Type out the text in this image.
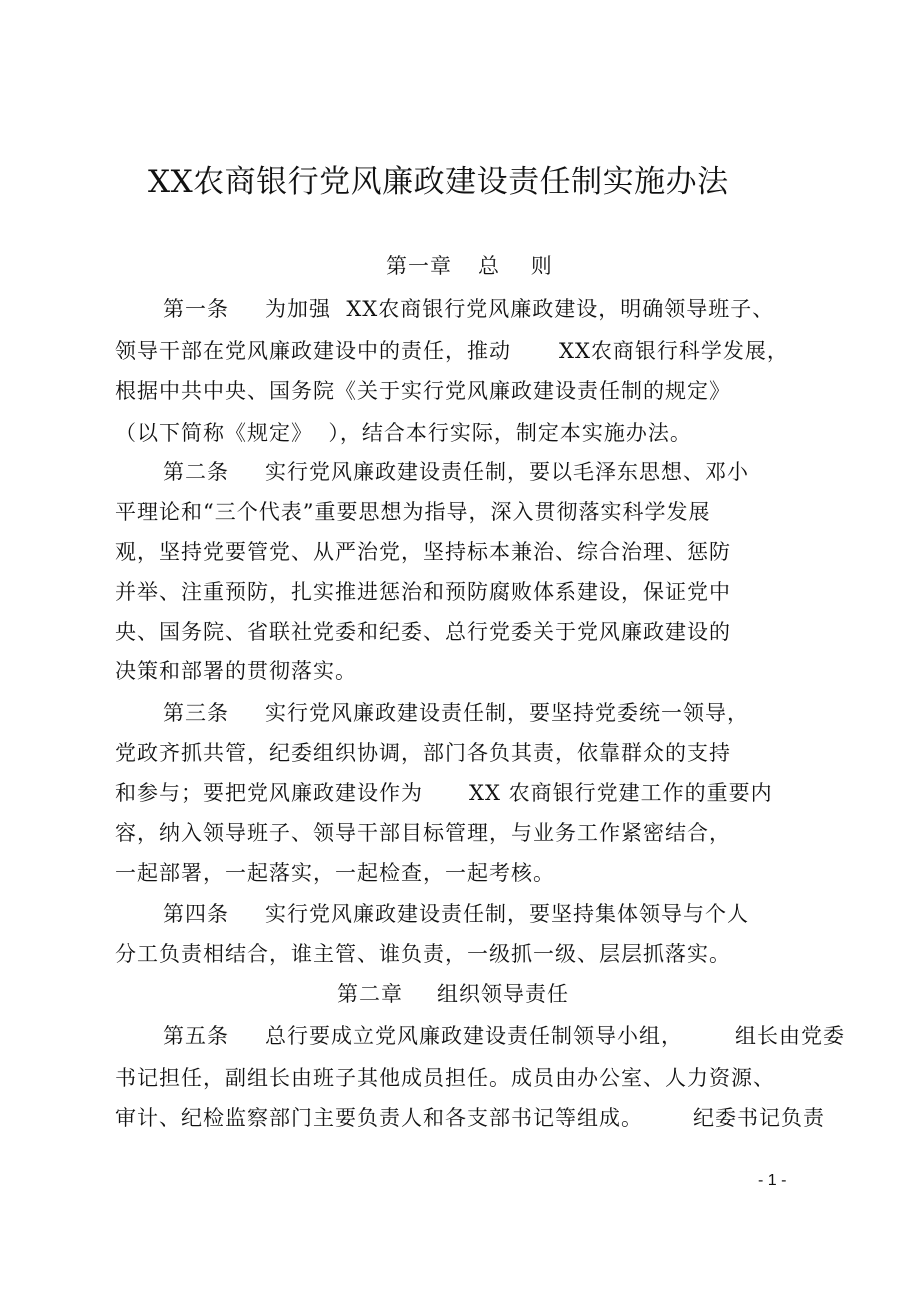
XX农商银行党风廉政建设责任制实施办法
第一章 总    则
第一条 为加强  XX农商银行党风廉政建设，明确领导班子、
领导干部在党风廉政建设中的责任，推动 XX农商银行科学发展，
根据中共中央、国务院《关于实行党风廉政建设责任制的规定》
（以下简称《规定》  ），结合本行实际，制定本实施办法。
第二条 实行党风廉政建设责任制，要以毛泽东思想、邓小
平理论和“三个代表”重要思想为指导，深入贯彻落实科学发展
观，坚持党要管党、从严治党，坚持标本兼治、综合治理、惩防
并举、注重预防，扎实推进惩治和预防腐败体系建设，保证党中
央、国务院、省联社党委和纪委、总行党委关于党风廉政建设的
决策和部署的贯彻落实。
第三条 实行党风廉政建设责任制，要坚持党委统一领导，
党政齐抓共管，纪委组织协调，部门各负其责，依靠群众的支持
和参与；要把党风廉政建设作为 XX 农商银行党建工作的重要内
容，纳入领导班子、领导干部目标管理，与业务工作紧密结合，
一起部署，一起落实，一起检查，一起考核。
第四条 实行党风廉政建设责任制，要坚持集体领导与个人
分工负责相结合，谁主管、谁负责，一级抓一级、层层抓落实。
第二章 组织领导责任
第五条 总行要成立党风廉政建设责任制领导小组， 组长由党委
书记担任，副组长由班子其他成员担任。成员由办公室、人力资源、
审计、纪检监察部门主要负责人和各支部书记等组成。 纪委书记负责
- 1 -
